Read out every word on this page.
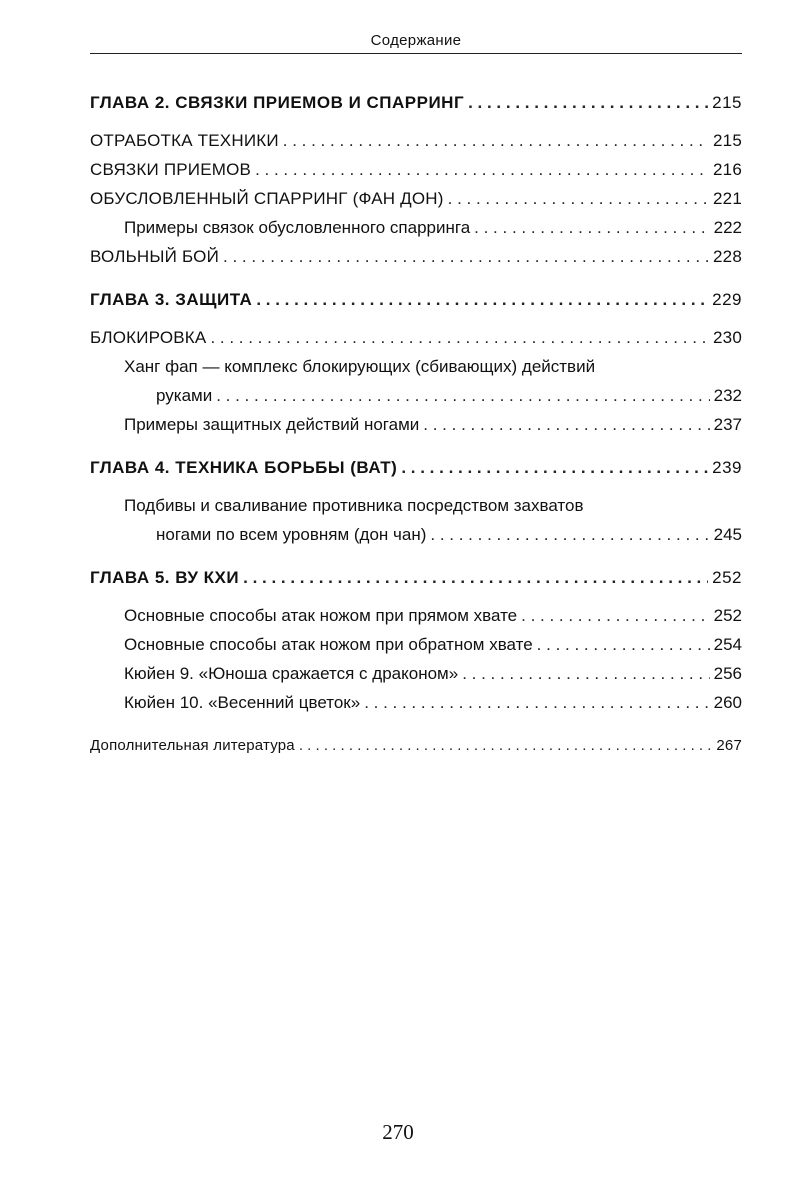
Содержание
ГЛАВА 2. СВЯЗКИ ПРИЕМОВ И СПАРРИНГ . . .	215
ОТРАБОТКА ТЕХНИКИ . . .	215
СВЯЗКИ ПРИЕМОВ . . .	216
ОБУСЛОВЛЕННЫЙ СПАРРИНГ (ФАН ДОН) . . .	221
Примеры связок обусловленного спарринга . . .	222
ВОЛЬНЫЙ БОЙ . . .	228
ГЛАВА 3. ЗАЩИТА . . .	229
БЛОКИРОВКА . . .	230
Ханг фап — комплекс блокирующих (сбивающих) действий
руками . . .	232
Примеры защитных действий ногами . . .	237
ГЛАВА 4. ТЕХНИКА БОРЬБЫ (ВАТ) . . .	239
Подбивы и сваливание противника посредством захватов
ногами по всем уровням (дон чан) . . .	245
ГЛАВА 5. ВУ КХИ . . .	252
Основные способы атак ножом при прямом хвате . . .	252
Основные способы атак ножом при обратном хвате . . .	254
Кюйен 9. «Юноша сражается с драконом» . . .	256
Кюйен 10. «Весенний цветок» . . .	260
Дополнительная литература . . .	267
270
